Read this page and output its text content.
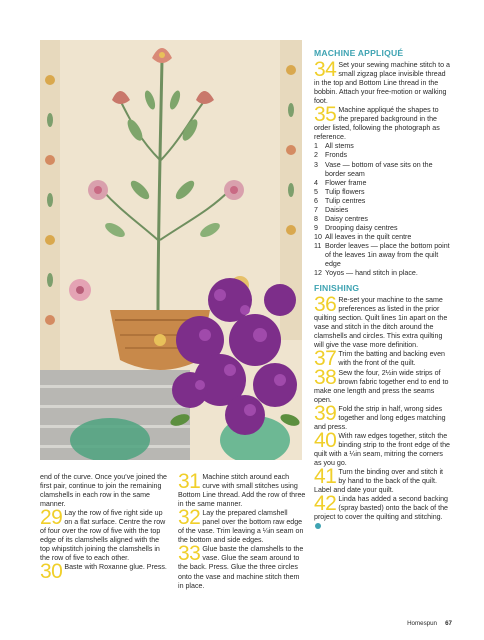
MACHINE APPLIQUÉ
34 Set your sewing machine stitch to a small zigzag place invisible thread in the top and Bottom Line thread in the bobbin. Attach your free-motion or walking foot.
35 Machine appliqué the shapes to the prepared background in the order listed, following the photograph as reference.
1 All stems
2 Fronds
3 Vase — bottom of vase sits on the border seam
4 Flower frame
5 Tulip flowers
6 Tulip centres
7 Daisies
8 Daisy centres
9 Drooping daisy centres
10 All leaves in the quilt centre
11 Border leaves — place the bottom point of the leaves 1in away from the quilt edge
12 Yoyos — hand stitch in place.
FINISHING
36 Re-set your machine to the same preferences as listed in the prior quilting section. Quilt lines 1in apart on the vase and stitch in the ditch around the clamshells and circles. This extra quilting will give the vase more definition.
37 Trim the batting and backing even with the front of the quilt.
38 Sew the four, 2½in wide strips of brown fabric together end to end to make one length and press the seams open.
39 Fold the strip in half, wrong sides together and long edges matching and press.
40 With raw edges together, stitch the binding strip to the front edge of the quilt with a ¼in seam, mitring the corners as you go.
41 Turn the binding over and stitch it by hand to the back of the quilt. Label and date your quilt.
42 Linda has added a second backing (spray basted) onto the back of the project to cover the quilting and stitching.
end of the curve. Once you’ve joined the first pair, continue to join the remaining clamshells in each row in the same manner.
29 Lay the row of five right side up on a flat surface. Centre the row of four over the row of five with the top edge of its clamshells aligned with the top whipstitch joining the clamshells in the row of five to each other.
30 Baste with Roxanne glue. Press.
31 Machine stitch around each curve with small stitches using Bottom Line thread. Add the row of three in the same manner.
32 Lay the prepared clamshell panel over the bottom raw edge of the vase. Trim leaving a ¼in seam on the bottom and side edges.
33 Glue baste the clamshells to the vase. Glue the seam around to the back. Press. Glue the three circles onto the vase and machine stitch them in place.
Homespun 67
